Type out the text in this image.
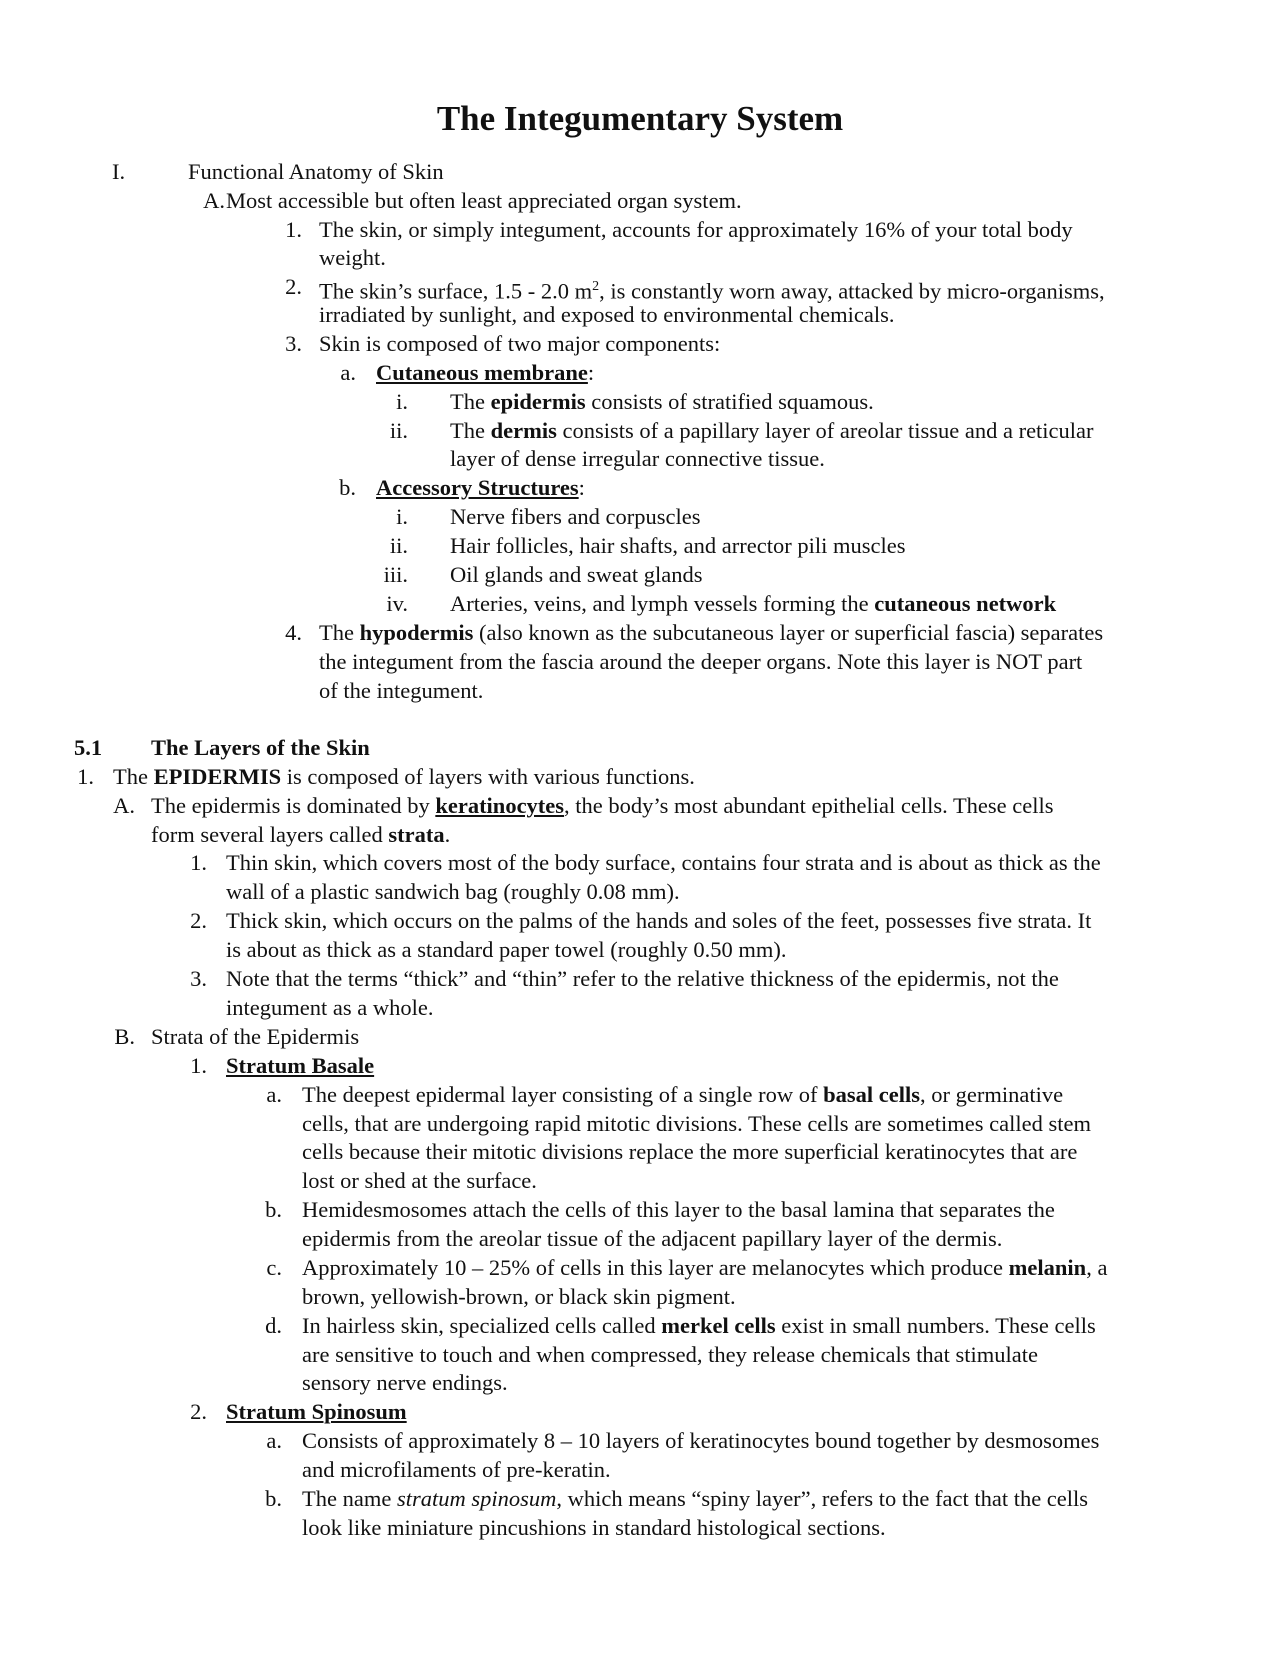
The Integumentary System
I.	Functional Anatomy of Skin
A. Most accessible but often least appreciated organ system.
1. The skin, or simply integument, accounts for approximately 16% of your total body
weight.
2. The skin’s surface, 1.5 - 2.0 $m^2$, is constantly worn away, attacked by micro-organisms,
irradiated by sunlight, and exposed to environmental chemicals.
3. Skin is composed of two major components:
a. Cutaneous membrane:
i. The epidermis consists of stratified squamous.
ii. The dermis consists of a papillary layer of areolar tissue and a reticular
layer of dense irregular connective tissue.
b. Accessory Structures:
i. Nerve fibers and corpuscles
ii. Hair follicles, hair shafts, and arrector pili muscles
iii. Oil glands and sweat glands
iv. Arteries, veins, and lymph vessels forming the cutaneous network
4. The hypodermis (also known as the subcutaneous layer or superficial fascia) separates
the integument from the fascia around the deeper organs. Note this layer is NOT part
of the integument.
5.1 The Layers of the Skin
1. The EPIDERMIS is composed of layers with various functions.
A. The epidermis is dominated by keratinocytes, the body’s most abundant epithelial cells. These cells
form several layers called strata.
1. Thin skin, which covers most of the body surface, contains four strata and is about as thick as the
wall of a plastic sandwich bag (roughly 0.08 mm).
2. Thick skin, which occurs on the palms of the hands and soles of the feet, possesses five strata. It
is about as thick as a standard paper towel (roughly 0.50 mm).
3. Note that the terms “thick” and “thin” refer to the relative thickness of the epidermis, not the
integument as a whole.
B. Strata of the Epidermis
1. Stratum Basale
a. The deepest epidermal layer consisting of a single row of basal cells, or germinative
cells, that are undergoing rapid mitotic divisions. These cells are sometimes called stem
cells because their mitotic divisions replace the more superficial keratinocytes that are
lost or shed at the surface.
b. Hemidesmosomes attach the cells of this layer to the basal lamina that separates the
epidermis from the areolar tissue of the adjacent papillary layer of the dermis.
c. Approximately 10 – 25% of cells in this layer are melanocytes which produce melanin, a
brown, yellowish-brown, or black skin pigment.
d. In hairless skin, specialized cells called merkel cells exist in small numbers. These cells
are sensitive to touch and when compressed, they release chemicals that stimulate
sensory nerve endings.
2. Stratum Spinosum
a. Consists of approximately 8 – 10 layers of keratinocytes bound together by desmosomes
and microfilaments of pre-keratin.
b. The name stratum spinosum, which means “spiny layer”, refers to the fact that the cells
look like miniature pincushions in standard histological sections.
